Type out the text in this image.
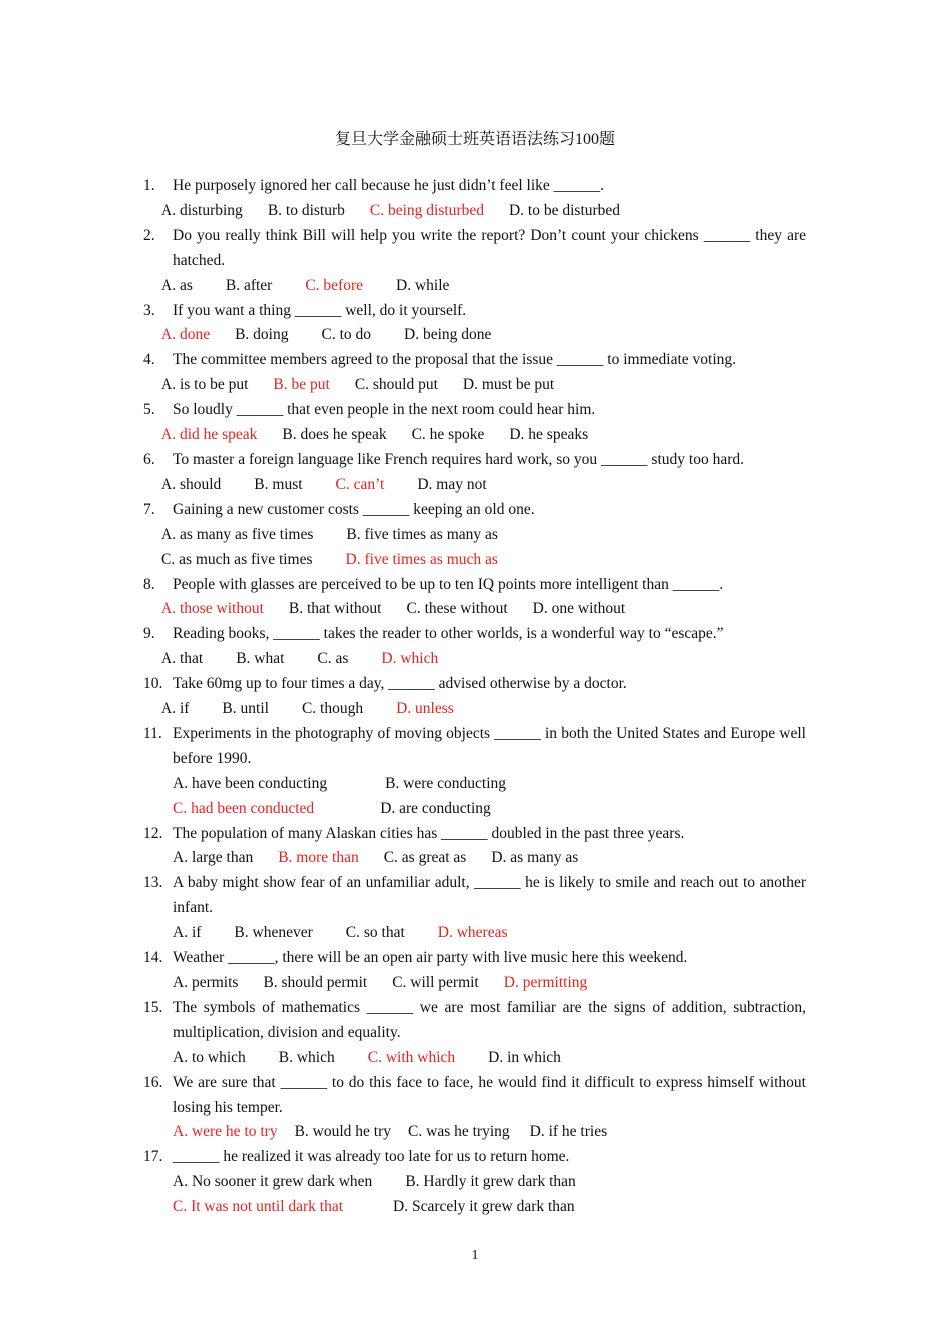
复旦大学金融硕士班英语语法练习100题
1.	He purposely ignored her call because he just didn’t feel like ______.
A. disturbing B. to disturb C. being disturbed D. to be disturbed
2.	Do you really think Bill will help you write the report? Don’t count your chickens ______ they are hatched.
A. as B. after C. before D. while
3.	If you want a thing ______ well, do it yourself.
A. done B. doing C. to do D. being done
4.	The committee members agreed to the proposal that the issue ______ to immediate voting.
A. is to be put B. be put C. should put D. must be put
5.	So loudly ______ that even people in the next room could hear him.
A. did he speak B. does he speak C. he spoke D. he speaks
6.	To master a foreign language like French requires hard work, so you ______ study too hard.
A. should B. must C. can’t D. may not
7.	Gaining a new customer costs ______ keeping an old one.
A. as many as five times B. five times as many as
C. as much as five times D. five times as much as
8.	People with glasses are perceived to be up to ten IQ points more intelligent than ______.
A. those without B. that without C. these without D. one without
9.	Reading books, ______ takes the reader to other worlds, is a wonderful way to “escape.”
A. that B. what C. as D. which
10. Take 60mg up to four times a day, ______ advised otherwise by a doctor.
A. if B. until C. though D. unless
11. Experiments in the photography of moving objects ______ in both the United States and Europe well before 1990.
A. have been conducting	B. were conducting
C. had been conducted	D. are conducting
12. The population of many Alaskan cities has ______ doubled in the past three years.
A. large than B. more than C. as great as D. as many as
13. A baby might show fear of an unfamiliar adult, ______ he is likely to smile and reach out to another infant.
A. if B. whenever C. so that D. whereas
14. Weather ______, there will be an open air party with live music here this weekend.
A. permits B. should permit C. will permit D. permitting
15. The symbols of mathematics ______ we are most familiar are the signs of addition, subtraction, multiplication, division and equality.
A. to which B. which C. with which D. in which
16. We are sure that ______ to do this face to face, he would find it difficult to express himself without losing his temper.
A. were he to try B. would he try C. was he trying D. if he tries
17. ______ he realized it was already too late for us to return home.
A. No sooner it grew dark when B. Hardly it grew dark than
C. It was not until dark that	D. Scarcely it grew dark than
1
